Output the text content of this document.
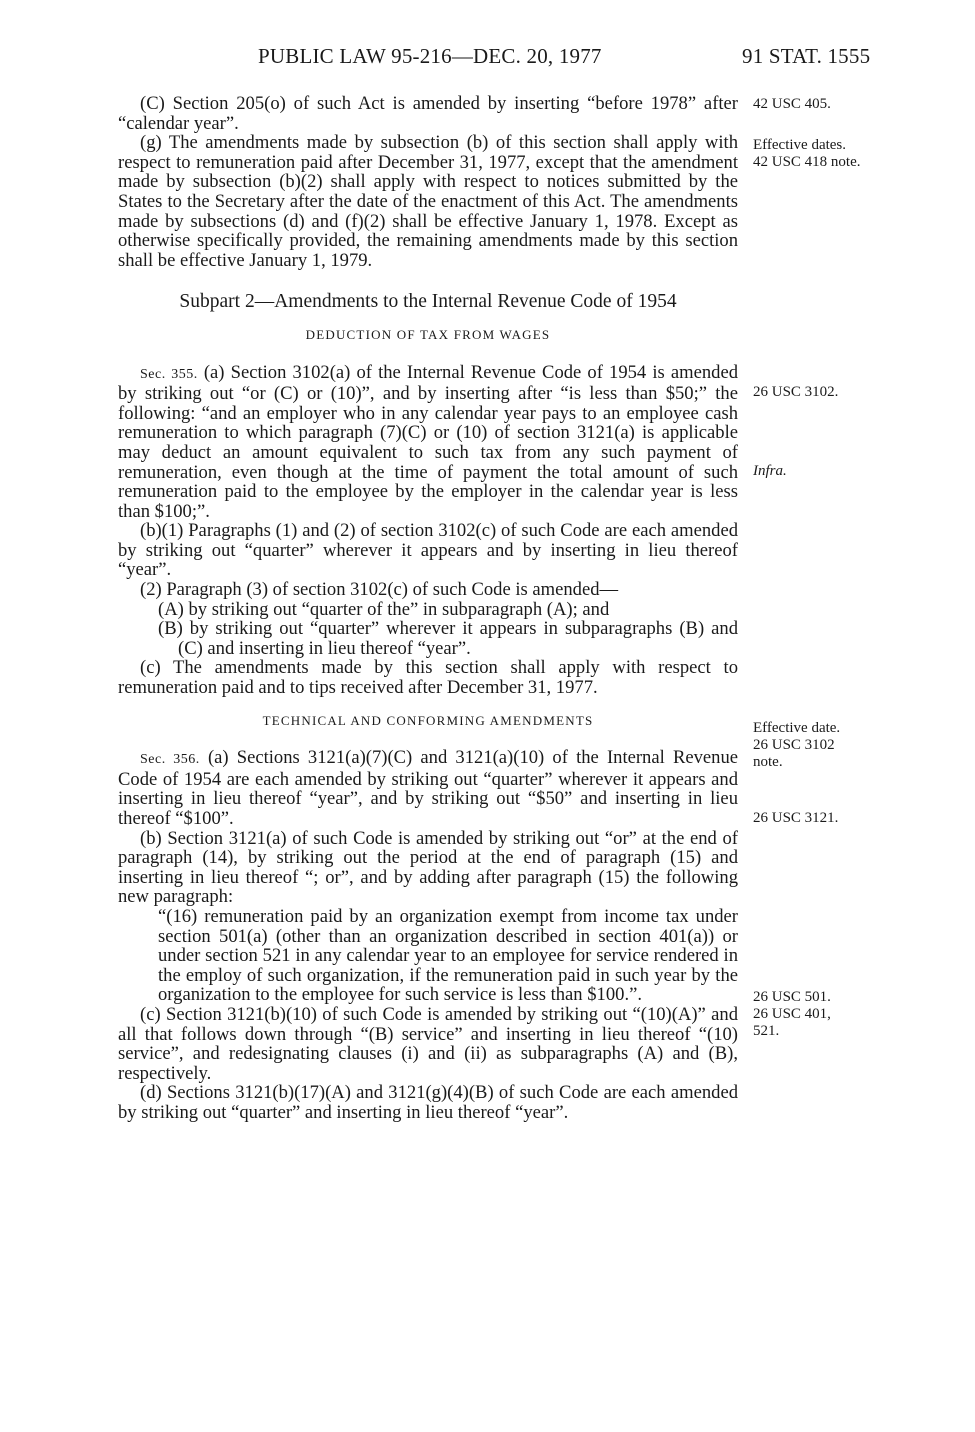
PUBLIC LAW 95-216—DEC. 20, 1977	91 STAT. 1555

(C) Section 205(o) of such Act is amended by inserting “before 1978” after “calendar year”.

(g) The amendments made by subsection (b) of this section shall apply with respect to remuneration paid after December 31, 1977, except that the amendment made by subsection (b)(2) shall apply with respect to notices submitted by the States to the Secretary after the date of the enactment of this Act. The amendments made by subsections (d) and (f)(2) shall be effective January 1, 1978. Except as otherwise specifically provided, the remaining amendments made by this section shall be effective January 1, 1979.

Subpart 2—Amendments to the Internal Revenue Code of 1954

DEDUCTION OF TAX FROM WAGES

Sec. 355. (a) Section 3102(a) of the Internal Revenue Code of 1954 is amended by striking out “or (C) or (10)”, and by inserting after “is less than $50;” the following: “and an employer who in any calendar year pays to an employee cash remuneration to which paragraph (7)(C) or (10) of section 3121(a) is applicable may deduct an amount equivalent to such tax from any such payment of remuneration, even though at the time of payment the total amount of such remuneration paid to the employee by the employer in the calendar year is less than $100;”.

(b)(1) Paragraphs (1) and (2) of section 3102(c) of such Code are each amended by striking out “quarter” wherever it appears and by inserting in lieu thereof “year”.

(2) Paragraph (3) of section 3102(c) of such Code is amended—

(A) by striking out “quarter of the” in subparagraph (A); and

(B) by striking out “quarter” wherever it appears in subparagraphs (B) and (C) and inserting in lieu thereof “year”.

(c) The amendments made by this section shall apply with respect to remuneration paid and to tips received after December 31, 1977.

TECHNICAL AND CONFORMING AMENDMENTS

Sec. 356. (a) Sections 3121(a)(7)(C) and 3121(a)(10) of the Internal Revenue Code of 1954 are each amended by striking out “quarter” wherever it appears and inserting in lieu thereof “year”, and by striking out “$50” and inserting in lieu thereof “$100”.

(b) Section 3121(a) of such Code is amended by striking out “or” at the end of paragraph (14), by striking out the period at the end of paragraph (15) and inserting in lieu thereof “; or”, and by adding after paragraph (15) the following new paragraph:

“(16) remuneration paid by an organization exempt from income tax under section 501(a) (other than an organization described in section 401(a)) or under section 521 in any calendar year to an employee for service rendered in the employ of such organization, if the remuneration paid in such year by the organization to the employee for such service is less than $100.”.

(c) Section 3121(b)(10) of such Code is amended by striking out “(10)(A)” and all that follows down through “(B) service” and inserting in lieu thereof “(10) service”, and redesignating clauses (i) and (ii) as subparagraphs (A) and (B), respectively.

(d) Sections 3121(b)(17)(A) and 3121(g)(4)(B) of such Code are each amended by striking out “quarter” and inserting in lieu thereof “year”.

42 USC 405.
Effective dates.
42 USC 418 note.
26 USC 3102.
Infra.
Effective date.
26 USC 3102
note.
26 USC 3121.
26 USC 501.
26 USC 401,
521.
